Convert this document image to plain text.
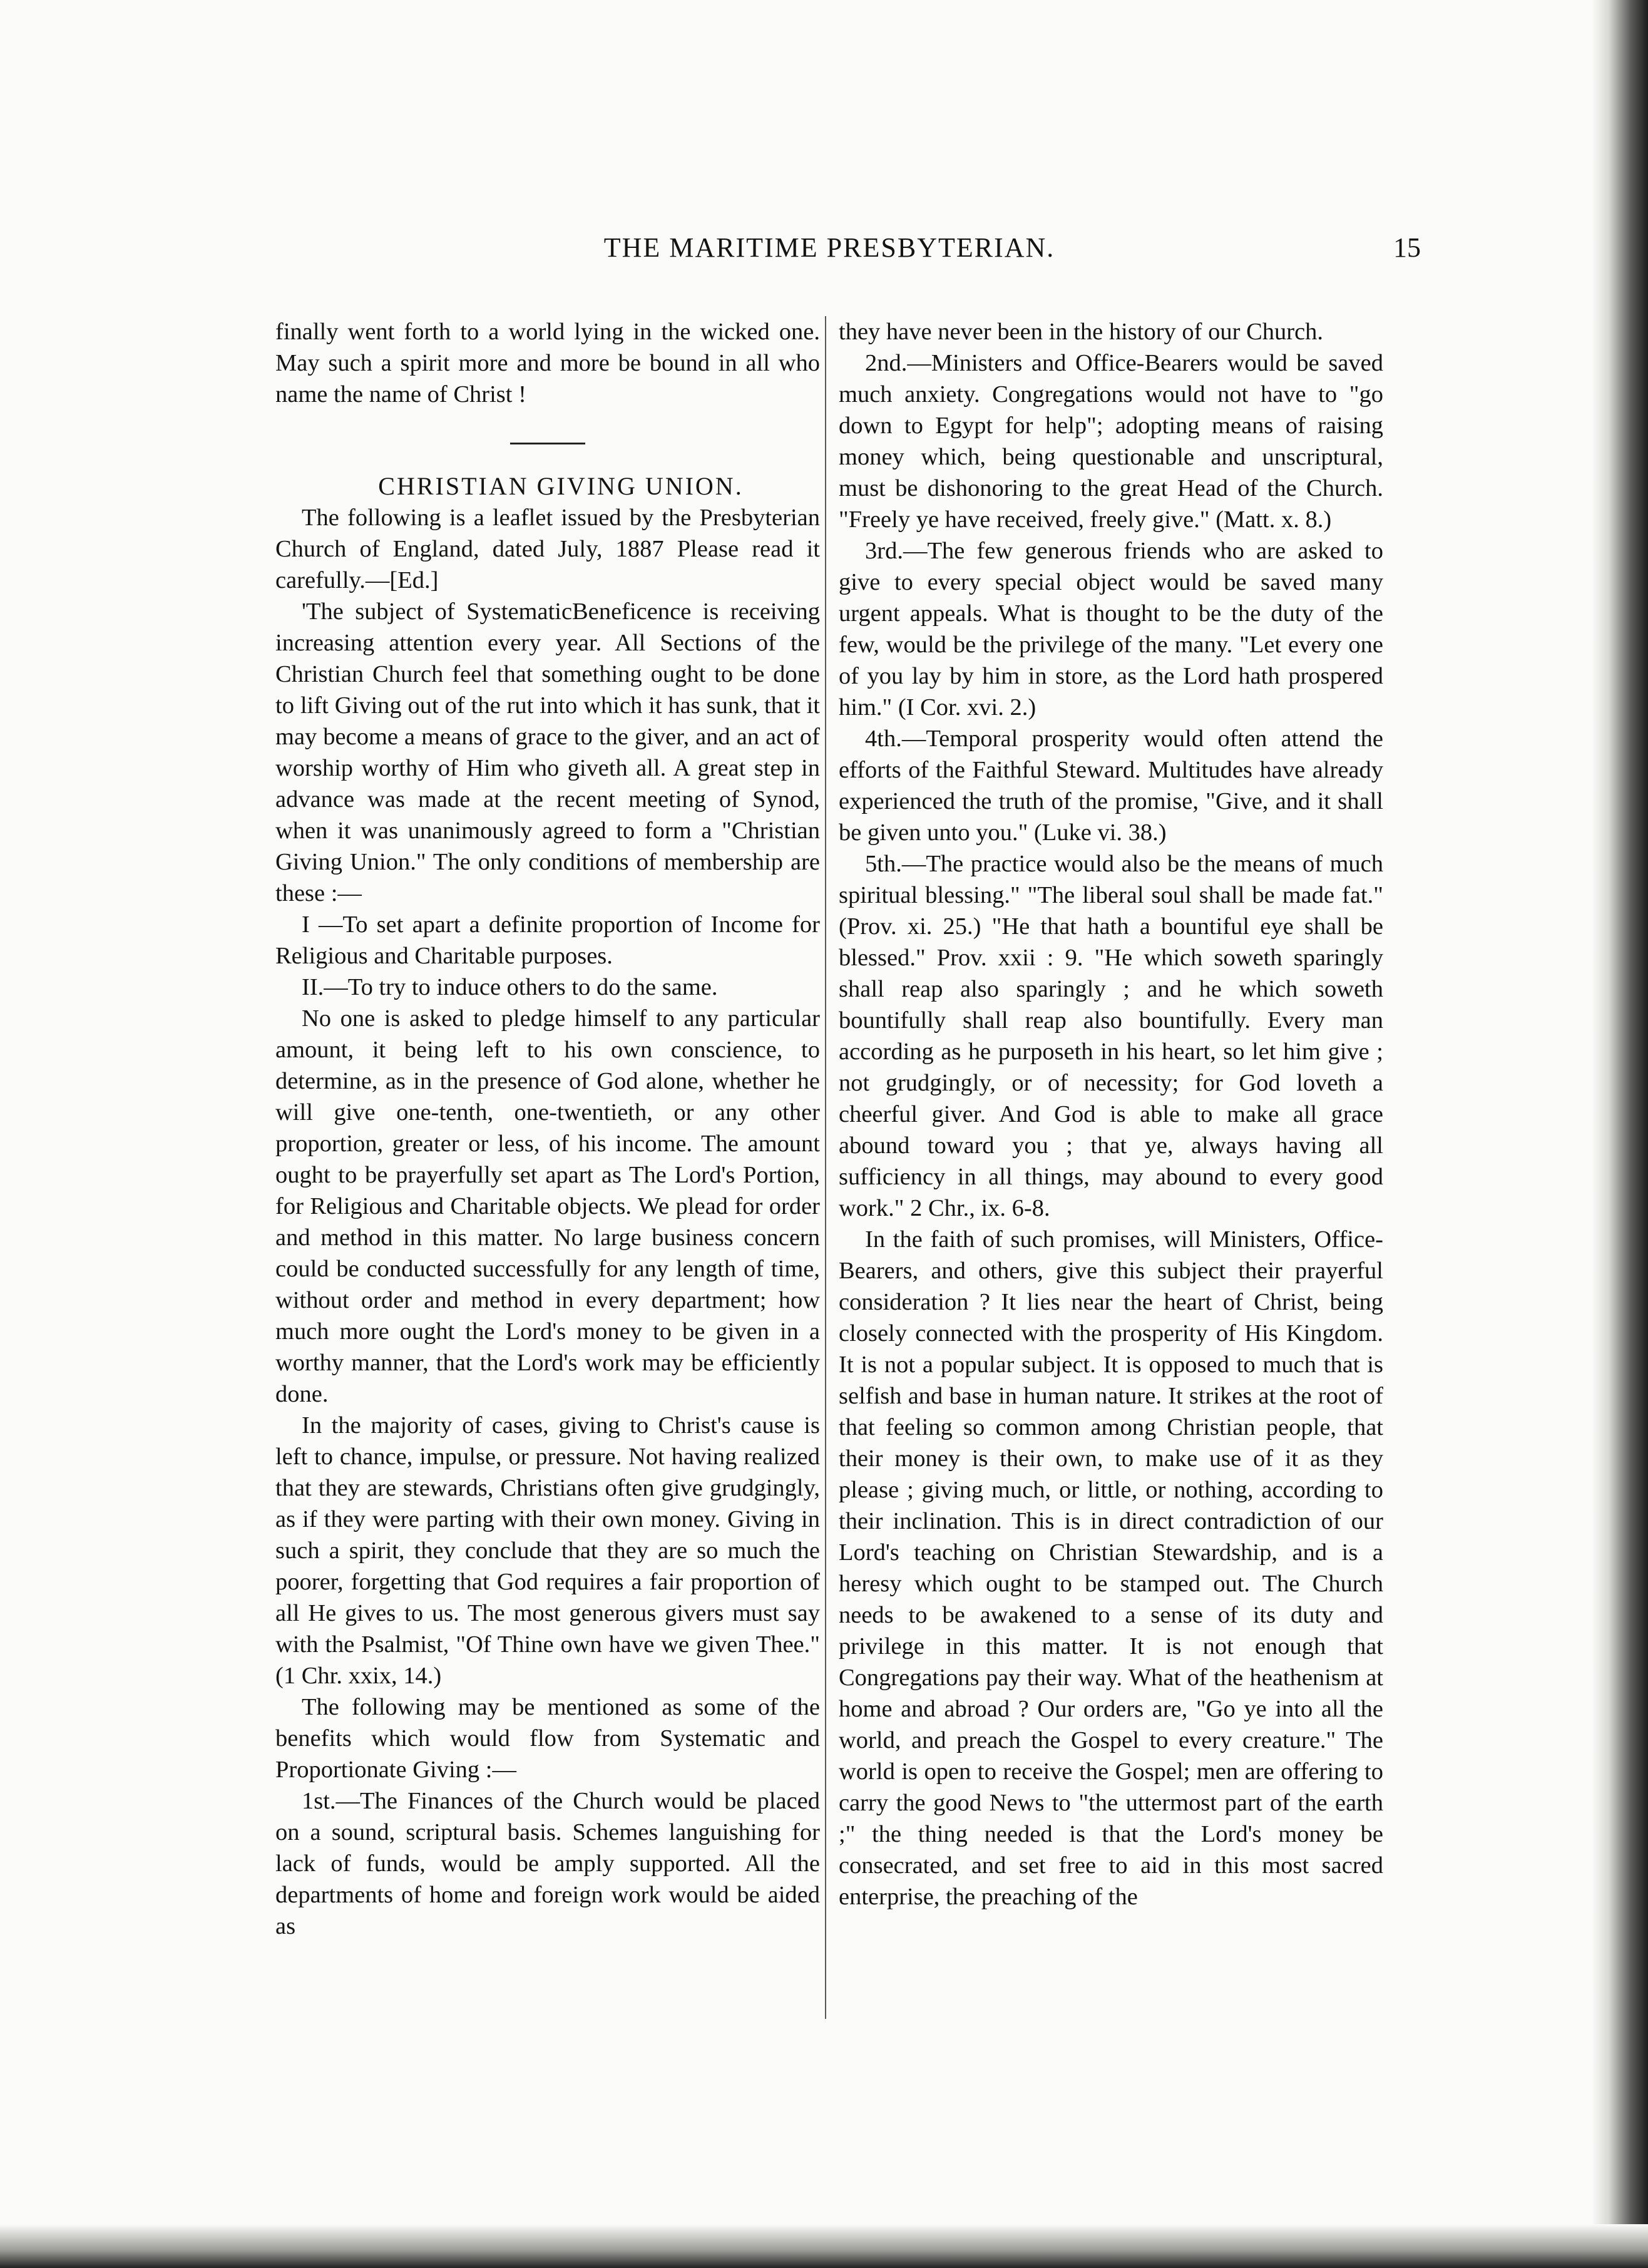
THE MARITIME PRESBYTERIAN.	15

finally went forth to a world lying in the wicked one. May such a spirit more and more be bound in all who name the name of Christ !

CHRISTIAN GIVING UNION.

The following is a leaflet issued by the Presbyterian Church of England, dated July, 1887 Please read it carefully.—[Ed.]

'The subject of SystematicBeneficence is receiving increasing attention every year. All Sections of the Christian Church feel that something ought to be done to lift Giving out of the rut into which it has sunk, that it may become a means of grace to the giver, and an act of worship worthy of Him who giveth all. A great step in advance was made at the recent meeting of Synod, when it was unanimously agreed to form a "Christian Giving Union." The only conditions of membership are these :—

I —To set apart a definite proportion of Income for Religious and Charitable purposes.

II.—To try to induce others to do the same.

No one is asked to pledge himself to any particular amount, it being left to his own conscience, to determine, as in the presence of God alone, whether he will give one-tenth, one-twentieth, or any other proportion, greater or less, of his income. The amount ought to be prayerfully set apart as The Lord's Portion, for Religious and Charitable objects. We plead for order and method in this matter. No large business concern could be conducted successfully for any length of time, without order and method in every department; how much more ought the Lord's money to be given in a worthy manner, that the Lord's work may be efficiently done.

In the majority of cases, giving to Christ's cause is left to chance, impulse, or pressure. Not having realized that they are stewards, Christians often give grudgingly, as if they were parting with their own money. Giving in such a spirit, they conclude that they are so much the poorer, forgetting that God requires a fair proportion of all He gives to us. The most generous givers must say with the Psalmist, "Of Thine own have we given Thee." (1 Chr. xxix, 14.)

The following may be mentioned as some of the benefits which would flow from Systematic and Proportionate Giving :—

1st.—The Finances of the Church would be placed on a sound, scriptural basis. Schemes languishing for lack of funds, would be amply supported. All the departments of home and foreign work would be aided as

they have never been in the history of our Church.

2nd.—Ministers and Office-Bearers would be saved much anxiety. Congregations would not have to "go down to Egypt for help"; adopting means of raising money which, being questionable and unscriptural, must be dishonoring to the great Head of the Church. "Freely ye have received, freely give." (Matt. x. 8.)

3rd.—The few generous friends who are asked to give to every special object would be saved many urgent appeals. What is thought to be the duty of the few, would be the privilege of the many. "Let every one of you lay by him in store, as the Lord hath prospered him." (I Cor. xvi. 2.)

4th.—Temporal prosperity would often attend the efforts of the Faithful Steward. Multitudes have already experienced the truth of the promise, "Give, and it shall be given unto you." (Luke vi. 38.)

5th.—The practice would also be the means of much spiritual blessing." "The liberal soul shall be made fat." (Prov. xi. 25.) "He that hath a bountiful eye shall be blessed." Prov. xxii : 9. "He which soweth sparingly shall reap also sparingly ; and he which soweth bountifully shall reap also bountifully. Every man according as he purposeth in his heart, so let him give ; not grudgingly, or of necessity; for God loveth a cheerful giver. And God is able to make all grace abound toward you ; that ye, always having all sufficiency in all things, may abound to every good work." 2 Chr., ix. 6-8.

In the faith of such promises, will Ministers, Office-Bearers, and others, give this subject their prayerful consideration ? It lies near the heart of Christ, being closely connected with the prosperity of His Kingdom. It is not a popular subject. It is opposed to much that is selfish and base in human nature. It strikes at the root of that feeling so common among Christian people, that their money is their own, to make use of it as they please ; giving much, or little, or nothing, according to their inclination. This is in direct contradiction of our Lord's teaching on Christian Stewardship, and is a heresy which ought to be stamped out. The Church needs to be awakened to a sense of its duty and privilege in this matter. It is not enough that Congregations pay their way. What of the heathenism at home and abroad ? Our orders are, "Go ye into all the world, and preach the Gospel to every creature." The world is open to receive the Gospel; men are offering to carry the good News to "the uttermost part of the earth ;" the thing needed is that the Lord's money be consecrated, and set free to aid in this most sacred enterprise, the preaching of the
